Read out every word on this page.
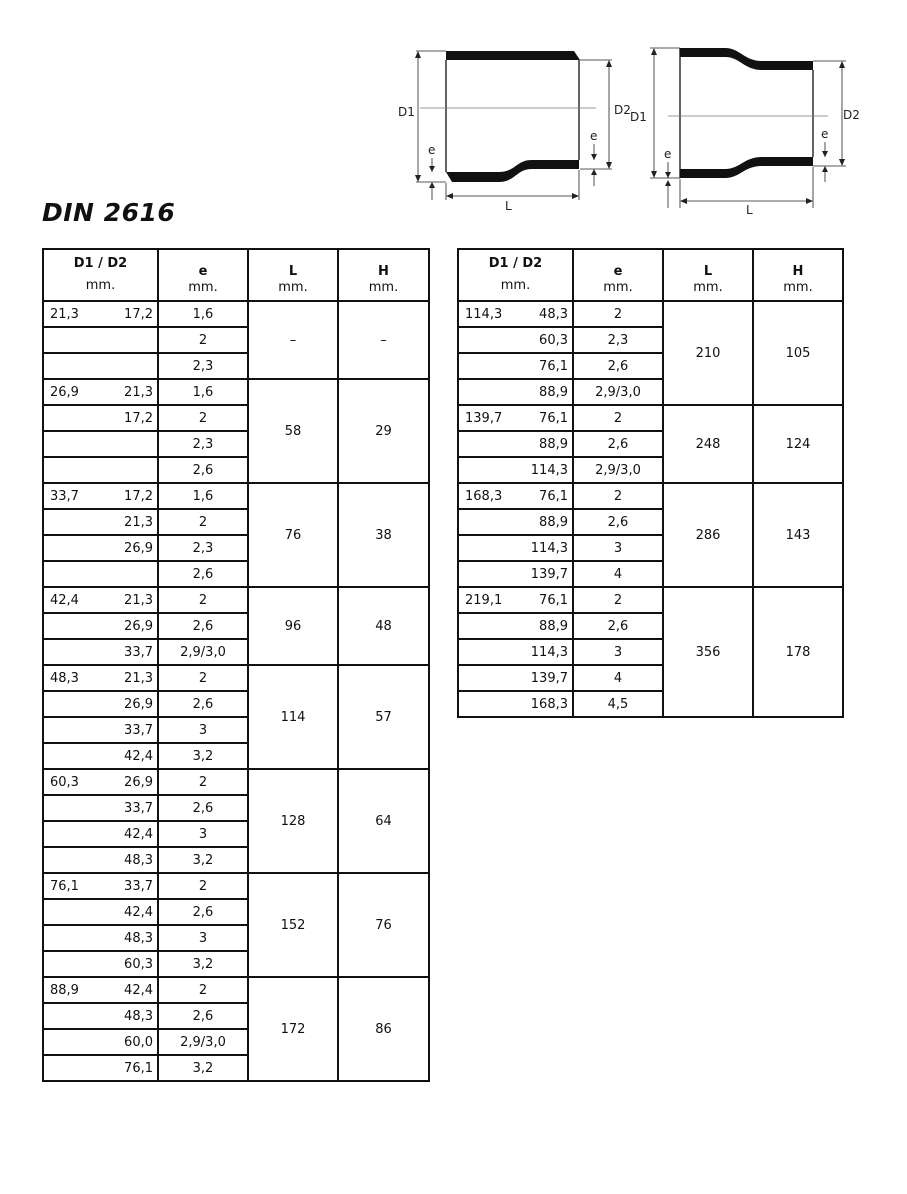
D1	D2
e
e
L
D1	D2
e
e
L
DIN 2616
D1 / D2
mm.	e
mm.	L
mm.	H
mm.

21,3 17,2	1,6	–	–

	2		

	2,3		

26,9 21,3	1,6	58	29

17,2	2		

	2,3		

	2,6		

33,7 17,2	1,6	76	38

21,3	2		

26,9	2,3		

	2,6		

42,4 21,3	2	96	48

26,9	2,6		

33,7	2,9/3,0		

48,3 21,3	2	114	57

26,9	2,6		

33,7	3		

42,4	3,2		

60,3 26,9	2	128	64

33,7	2,6		

42,4	3		

48,3	3,2		

76,1 33,7	2	152	76

42,4	2,6		

48,3	3		

60,3	3,2		

88,9 42,4	2	172	86

48,3	2,6		

60,0	2,9/3,0		

76,1	3,2		
D1 / D2
mm.	e
mm.	L
mm.	H
mm.

114,3 48,3	2	210	105

60,3	2,3		

76,1	2,6		

88,9	2,9/3,0		

139,7 76,1	2	248	124

88,9	2,6		

114,3	2,9/3,0		

168,3 76,1	2	286	143

88,9	2,6		

114,3	3		

139,7	4		

219,1 76,1	2	356	178

88,9	2,6		

114,3	3		

139,7	4		

168,3	4,5		
